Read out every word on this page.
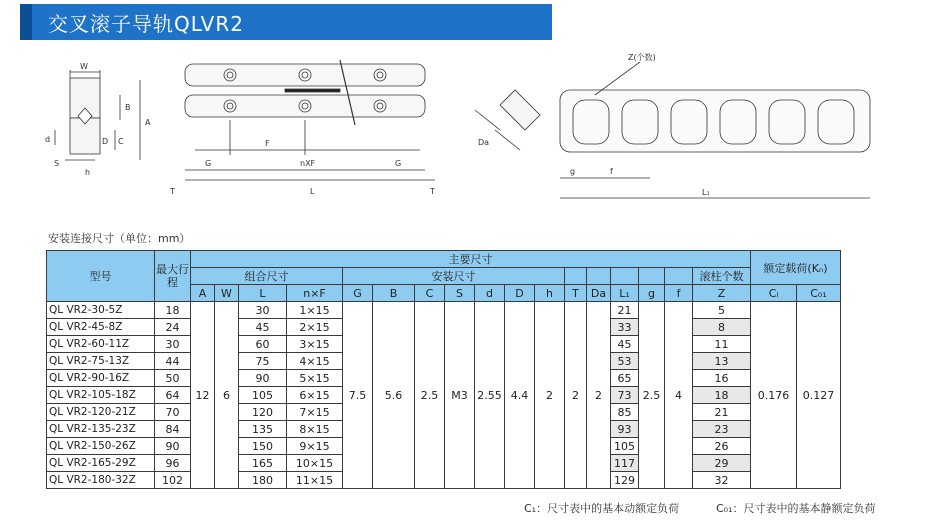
交叉滚子导轨QLVR2
W
B
A
C
d	D
S
h
F
G	nXF	G
L
T	T
Da
Z(个数)
g	f
L₁
安装连接尺寸（单位：mm）
型号	最大行程	主要尺寸																	额定载荷(Kₙ)	
		组合尺寸				安装尺寸												滚柱个数		
		A	W	L	n×F	G	B	C	S	d	D	h	T	Da	L₁	g	f	Z	Cₗ	C₀₁
QL VR2-30-5Z	18	12	6	30	1×15	7.5	5.6	2.5	M3	2.55	4.4	2	2	2	21	2.5	4	5	0.176	0.127
QL VR2-45-8Z	24			45	2×15										33			8		
QL VR2-60-11Z	30			60	3×15										45			11		
QL VR2-75-13Z	44			75	4×15										53			13		
QL VR2-90-16Z	50			90	5×15										65			16		
QL VR2-105-18Z	64			105	6×15										73			18		
QL VR2-120-21Z	70			120	7×15										85			21		
QL VR2-135-23Z	84			135	8×15										93			23		
QL VR2-150-26Z	90			150	9×15										105			26		
QL VR2-165-29Z	96			165	10×15										117			29		
QL VR2-180-32Z	102			180	11×15										129			32		
C₁：尺寸表中的基本动额定负荷	C₀₁：尺寸表中的基本静额定负荷
